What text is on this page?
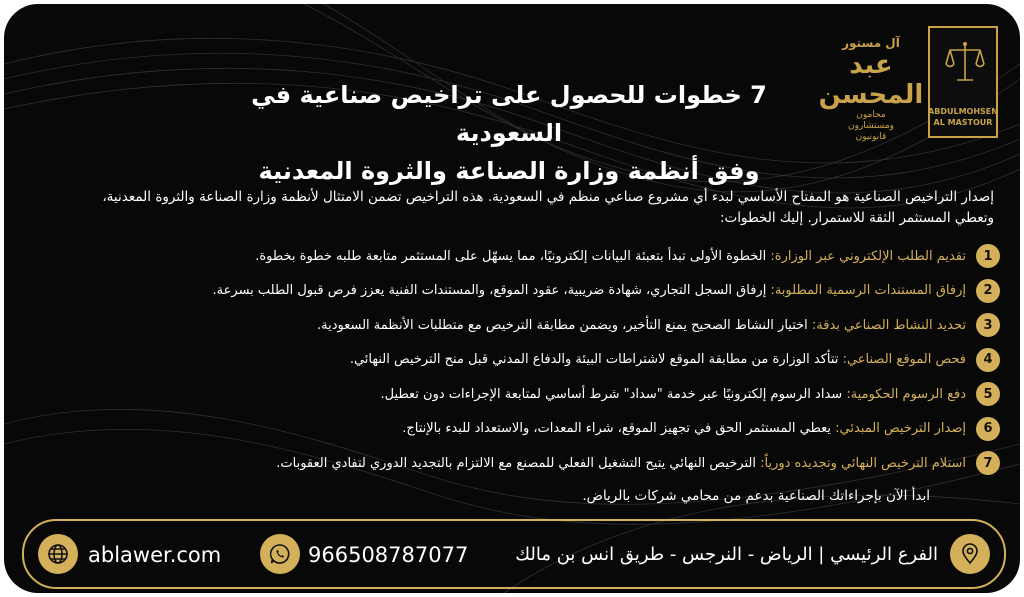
7 خطوات للحصول على تراخيص صناعية في السعودية
وفق أنظمة وزارة الصناعة والثروة المعدنية
آل مستور
عبد المحسن
محامون
ومستشارون
قانونيون
ABDULMOHSEN
AL MASTOUR
إصدار التراخيص الصناعية هو المفتاح الأساسي لبدء أي مشروع صناعي منظم في السعودية. هذه التراخيص تضمن الامتثال لأنظمة وزارة الصناعة والثروة المعدنية، وتعطي المستثمر الثقة للاستمرار. إليك الخطوات:
1
تقديم الطلب الإلكتروني عبر الوزارة: الخطوة الأولى تبدأ بتعبئة البيانات إلكترونيًا، مما يسهّل على المستثمر متابعة طلبه خطوة بخطوة.
2
إرفاق المستندات الرسمية المطلوبة: إرفاق السجل التجاري، شهادة ضريبية، عقود الموقع، والمستندات الفنية يعزز فرص قبول الطلب بسرعة.
3
تحديد النشاط الصناعي بدقة: اختيار النشاط الصحيح يمنع التأخير، ويضمن مطابقة الترخيص مع متطلبات الأنظمة السعودية.
4
فحص الموقع الصناعي: تتأكد الوزارة من مطابقة الموقع لاشتراطات البيئة والدفاع المدني قبل منح الترخيص النهائي.
5
دفع الرسوم الحكومية: سداد الرسوم إلكترونيًا عبر خدمة "سداد" شرط أساسي لمتابعة الإجراءات دون تعطيل.
6
إصدار الترخيص المبدئي: يعطي المستثمر الحق في تجهيز الموقع، شراء المعدات، والاستعداد للبدء بالإنتاج.
7
استلام الترخيص النهائي وتجديده دورياً: الترخيص النهائي يتيح التشغيل الفعلي للمصنع مع الالتزام بالتجديد الدوري لتفادي العقوبات.
ابدأ الآن بإجراءاتك الصناعية بدعم من محامي شركات بالرياض.
ablawer.com	966508787077	الفرع الرئيسي | الرياض - النرجس - طريق انس بن مالك
